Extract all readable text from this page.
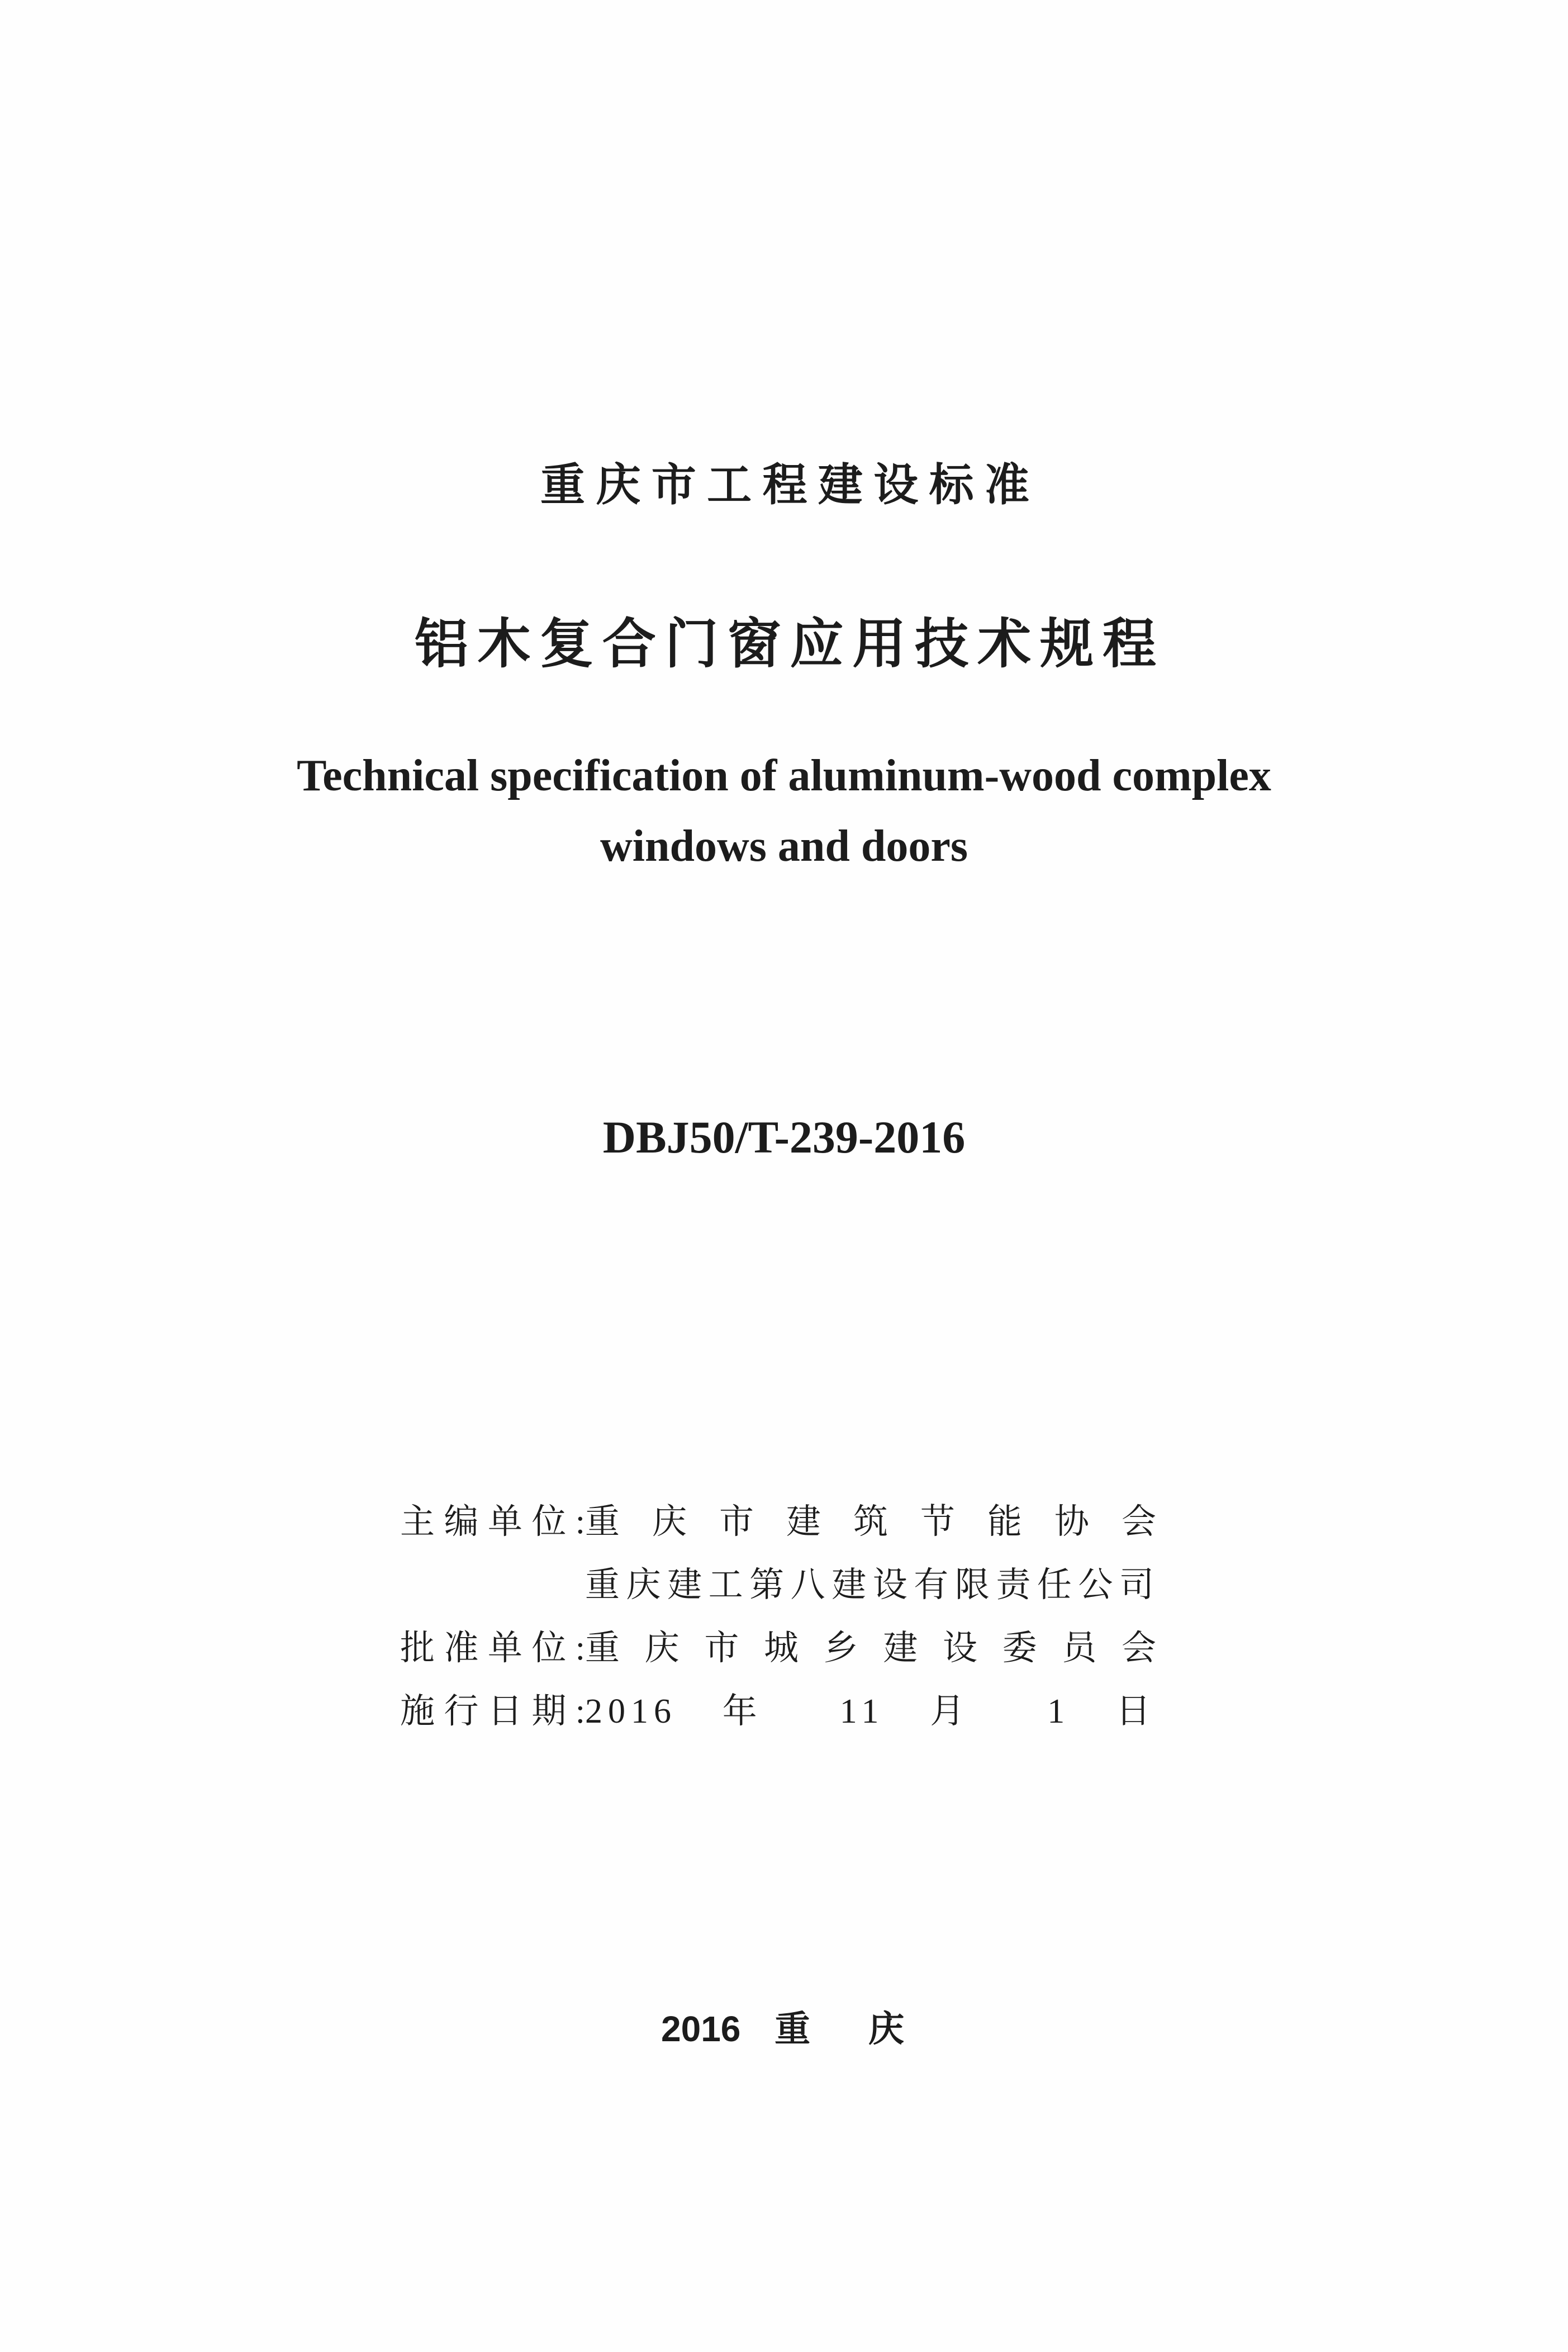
重庆市工程建设标准
铝木复合门窗应用技术规程
Technical specification of aluminum-wood complex
windows and doors
DBJ50/T-239-2016
主编单位: 重 庆 市 建 筑 节 能 协 会
重庆建工第八建设有限责任公司
批准单位: 重 庆 市 城 乡 建 设 委 员 会
施行日期: 2016 年 11 月 1 日
2016 重 庆
